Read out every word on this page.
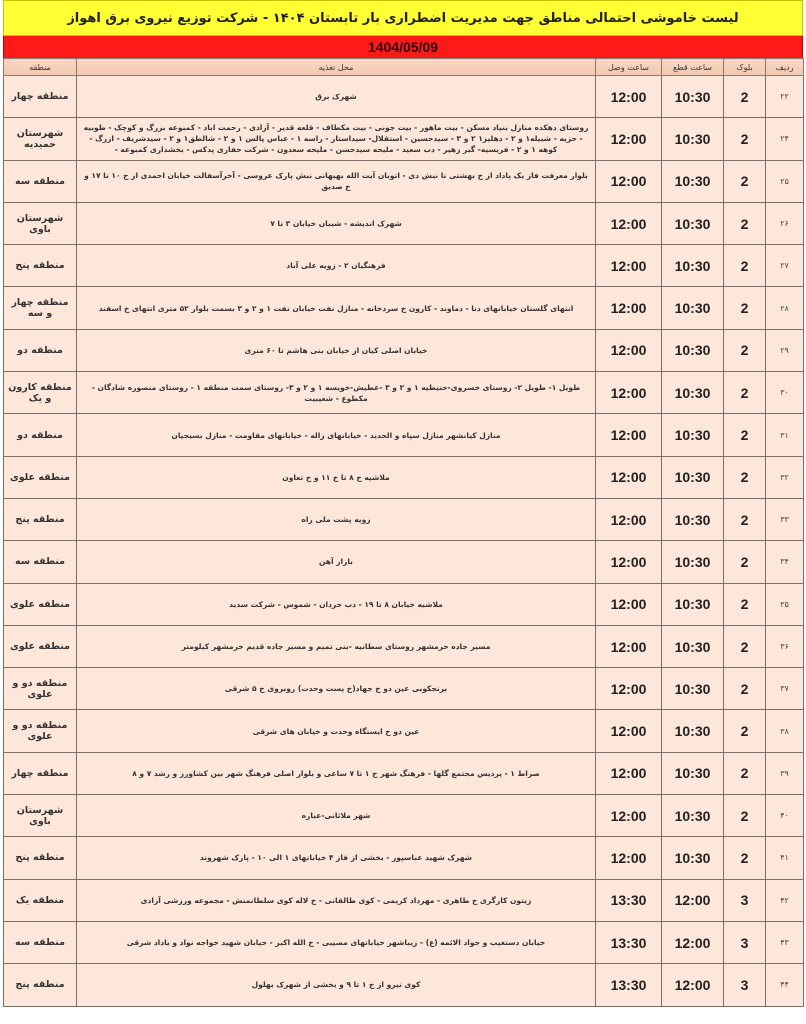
لیست خاموشی احتمالی مناطق جهت مدیریت اضطراری بار تابستان ۱۴۰۴ - شرکت توزیع نیروی برق اهواز
1404/05/09
ردیف	بلوک	ساعت قطع	ساعت وصل	محل تغذیه	منطقه
۲۲	2	10:30	12:00	شهرک برق	منطقه چهار
۲۴	2	10:30	12:00	روستای دهکده منازل بنیاد مسکن - بیت ماهور - بیت جونی - بیت مکطاف - قلعه قدیر - آزادی - رحمت اباد - کمبوعه بزرگ و کوچک - طوبیه - حزیه - شبیله۱ و ۲ - دهلیز۱ ۲ و ۳ - سیدحسین - استقلال- سیداستار - راسه ۱ - عباس پالس ۱ و ۲ - شالطق۱ و ۲ - سیدشریف - ازرگ - کوهه ۱ و ۲ - فریسیه- گبر زهیر - دب سعید - ملیحه سیدحسن - ملیحه سعدون - شرکت حفاری پدکس - بخشداری کمبوعه -	شهرستان حمیدیه
۲۵	2	10:30	12:00	بلوار معرفت فاز یک پاداد از خ بهشتی تا نبش دی - اتوبان آیت الله بهبهانی نبش پارک عروسی - آخرآسفالت خیابان احمدی از خ ۱۰ تا ۱۷ و خ صدیق	منطقه سه
۲۶	2	10:30	12:00	شهرک اندیشه - شیبان خیابان ۳ تا ۷	شهرستان باوی
۲۷	2	10:30	12:00	فرهنگیان ۲ - زویه علی آباد	منطقه پنج
۲۸	2	10:30	12:00	انتهای گلستان خیابانهای دنا - دماوند - کارون خ سردخانه - منازل نفت خیابان نفت ۱ و ۲ و ۳ بسمت بلوار ۵۲ متری انتهای خ اسفند	منطقه چهار و سه
۲۹	2	10:30	12:00	خیابان اصلی کیان از خیابان بنی هاشم تا ۶۰ متری	منطقه دو
۳۰	2	10:30	12:00	طویل ۱- طویل ۲- روستای خسروی-حنیطیه ۱ و ۲ و ۳ -عطیش-خویسه ۱ و ۲ و ۳- روستای سمت منطقه ۱ - روستای منصوره شادگان - مکطوع - شعیبیت	منطقه کارون و یک
۳۱	2	10:30	12:00	منازل کیانشهر منازل سپاه و الحدید - خیابانهای زاله - خیابانهای مقاومت - منازل بسیجیان	منطقه دو
۳۲	2	10:30	12:00	ملاشیه خ ۸ تا خ ۱۱ و خ تعاون	منطقه علوی
۳۳	2	10:30	12:00	زویه پشت ملی راه	منطقه پنج
۳۴	2	10:30	12:00	بازار آهن	منطقه سه
۳۵	2	10:30	12:00	ملاشیه خیابان ۸ تا ۱۹ - دب حردان - شموس - شرکت سدید	منطقه علوی
۳۶	2	10:30	12:00	مسیر جاده خرمشهر روستای سطانیه -بنی تمیم و مسیر جاده قدیم خرمشهر کیلومتر	منطقه علوی
۳۷	2	10:30	12:00	برنجکوبی عین دو خ جهاد(خ پست وحدت) روبروی خ ۵ شرقی	منطقه دو و علوی
۳۸	2	10:30	12:00	عین دو خ ایستگاه وحدت و خیابان های شرقی	منطقه دو و علوی
۳۹	2	10:30	12:00	صراط ۱ - پردیس مجتمع گلها - فرهنگ شهر خ ۱ تا ۷ ساعی و بلوار اصلی فرهنگ شهر بین کشاورز و رشد ۷ و ۸	منطقه چهار
۴۰	2	10:30	12:00	شهر ملاثانی-عباره	شهرستان باوی
۴۱	2	10:30	12:00	شهرک شهید عباسپور - بخشی از فاز ۴ خیابانهای ۱ الی ۱۰ - پارک شهروند	منطقه پنج
۴۲	3	12:00	13:30	زیتون کارگری خ طاهری - مهرداد کریمی - کوی طالقانی - خ لاله کوی سلطانمنش - مجموعه ورزشی آزادی	منطقه یک
۴۳	3	12:00	13:30	خیابان دستغیب و جواد الائمه (ع) - زیباشهر خیابانهای مصیبی - خ الله اکبر - خیابان شهید خواجه نواد و یاداد شرقی	منطقه سه
۴۴	3	12:00	13:30	کوی نیرو از خ ۱ تا ۹ و بخشی از شهرک بهلول	منطقه پنج
